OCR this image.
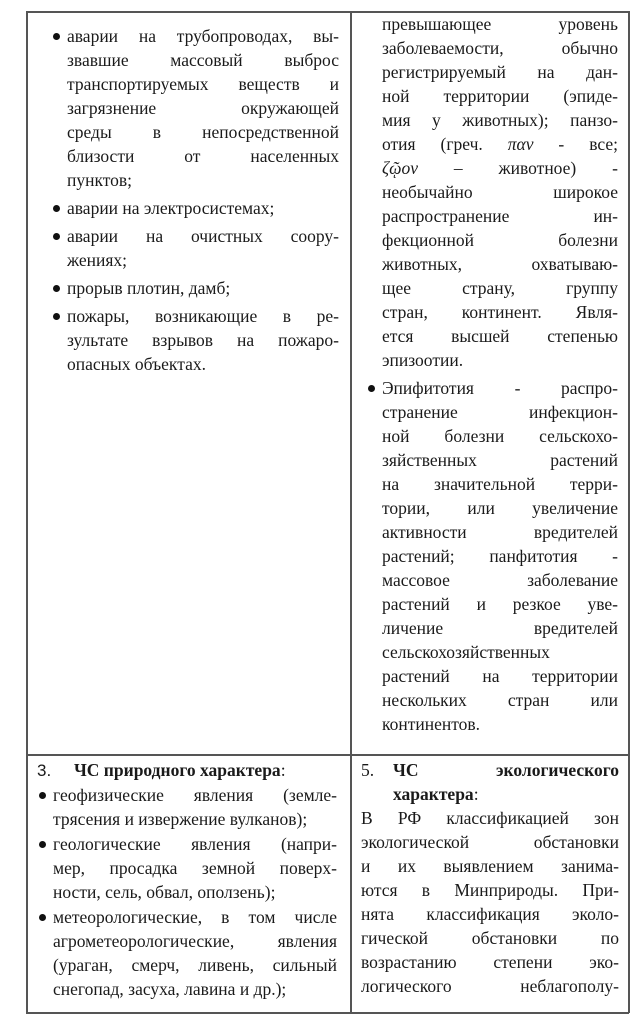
аварии на трубопроводах, вы-
звавшие массовый выброс
транспортируемых веществ и
загрязнение окружающей
среды в непосредственной
близости от населенных
пунктов;
аварии на электросистемах;
аварии на очистных соору-
жениях;
прорыв плотин, дамб;
пожары, возникающие в ре-
зультате взрывов на пожаро-
опасных объектах.
превышающее уровень
заболеваемости, обычно
регистрируемый на дан-
ной территории (эпиде-
мия у животных); панзо-
отия (греч. παν - все;
ζῷον – животное) -
необычайно широкое
распространение ин-
фекционной болезни
животных, охватываю-
щее страну, группу
стран, континент. Явля-
ется высшей степенью
эпизоотии.
Эпифитотия - распро-
странение инфекцион-
ной болезни сельскохо-
зяйственных растений
на значительной терри-
тории, или увеличение
активности вредителей
растений; панфитотия -
массовое заболевание
растений и резкое уве-
личение вредителей
сельскохозяйственных
растений на территории
нескольких стран или
континентов.
3. ЧС природного характера:
геофизические явления (земле-
трясения и извержение вулканов);
геологические явления (напри-
мер, просадка земной поверх-
ности, сель, обвал, оползень);
метеорологические, в том числе
агрометеорологические, явления
(ураган, смерч, ливень, сильный
снегопад, засуха, лавина и др.);
5.	ЧС экологического
характера:
В РФ классификацией зон
экологической обстановки
и их выявлением занима-
ются в Минприроды. При-
нята классификация эколо-
гической обстановки по
возрастанию степени эко-
логического неблагополу-
